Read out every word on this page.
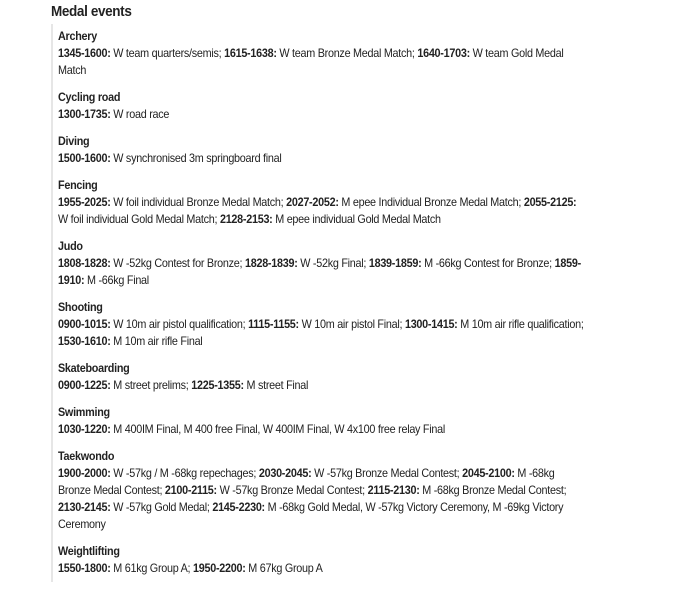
Medal events
Archery
1345-1600: W team quarters/semis; 1615-1638: W team Bronze Medal Match; 1640-1703: W team Gold Medal Match
Cycling road
1300-1735: W road race
Diving
1500-1600: W synchronised 3m springboard final
Fencing
1955-2025: W foil individual Bronze Medal Match; 2027-2052: M epee Individual Bronze Medal Match; 2055-2125: W foil individual Gold Medal Match; 2128-2153: M epee individual Gold Medal Match
Judo
1808-1828: W -52kg Contest for Bronze; 1828-1839: W -52kg Final; 1839-1859: M -66kg Contest for Bronze; 1859-1910: M -66kg Final
Shooting
0900-1015: W 10m air pistol qualification; 1115-1155: W 10m air pistol Final; 1300-1415: M 10m air rifle qualification; 1530-1610: M 10m air rifle Final
Skateboarding
0900-1225: M street prelims; 1225-1355: M street Final
Swimming
1030-1220: M 400IM Final, M 400 free Final, W 400IM Final, W 4x100 free relay Final
Taekwondo
1900-2000: W -57kg / M -68kg repechages; 2030-2045: W -57kg Bronze Medal Contest; 2045-2100: M -68kg Bronze Medal Contest; 2100-2115: W -57kg Bronze Medal Contest; 2115-2130: M -68kg Bronze Medal Contest; 2130-2145: W -57kg Gold Medal; 2145-2230: M -68kg Gold Medal, W -57kg Victory Ceremony, M -69kg Victory Ceremony
Weightlifting
1550-1800: M 61kg Group A; 1950-2200: M 67kg Group A
